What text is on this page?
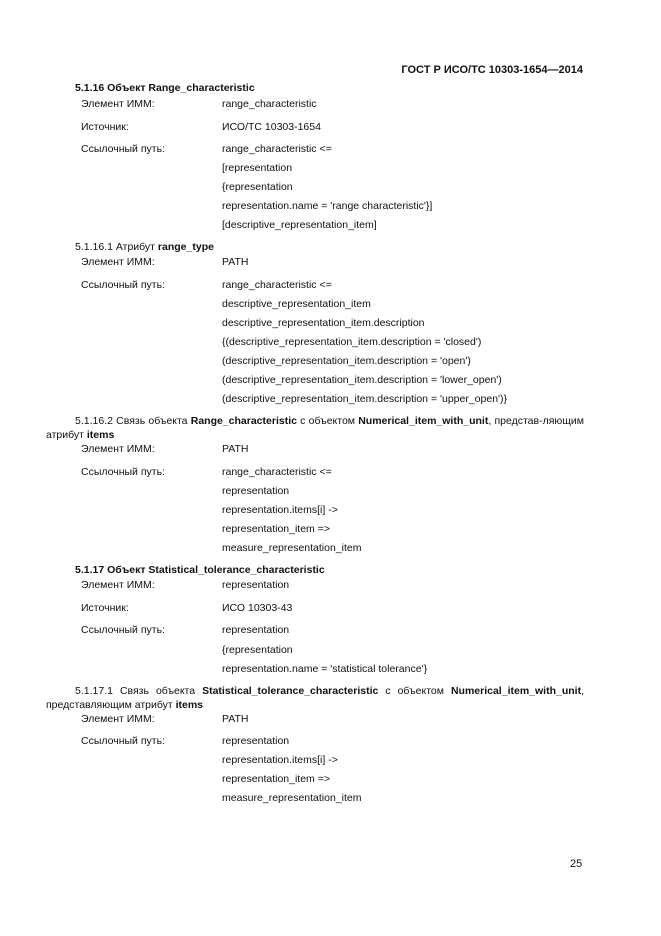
ГОСТ Р ИСО/ТС 10303-1654—2014
5.1.16 Объект Range_characteristic
Элемент ИММ:	range_characteristic
Источник:	ИСО/ТС 10303-1654
Ссылочный путь:	range_characteristic <=
[representation
{representation
representation.name = 'range characteristic'}]
[descriptive_representation_item]
5.1.16.1 Атрибут range_type
Элемент ИММ:	PATH
Ссылочный путь:	range_characteristic <=
descriptive_representation_item
descriptive_representation_item.description
{(descriptive_representation_item.description = 'closed')
(descriptive_representation_item.description = 'open')
(descriptive_representation_item.description = 'lower_open')
(descriptive_representation_item.description = 'upper_open')}
5.1.16.2 Связь объекта Range_characteristic с объектом Numerical_item_with_unit, представ-ляющим атрибут items
Элемент ИММ:	PATH
Ссылочный путь:	range_characteristic <=
representation
representation.items[i] ->
representation_item =>
measure_representation_item
5.1.17 Объект Statistical_tolerance_characteristic
Элемент ИММ:	representation
Источник:	ИСО 10303-43
Ссылочный путь:	representation
{representation
representation.name = 'statistical tolerance'}
5.1.17.1 Связь объекта Statistical_tolerance_characteristic с объектом Numerical_item_with_unit, представляющим атрибут items
Элемент ИММ:	PATH
Ссылочный путь:	representation
representation.items[i] ->
representation_item =>
measure_representation_item
25
